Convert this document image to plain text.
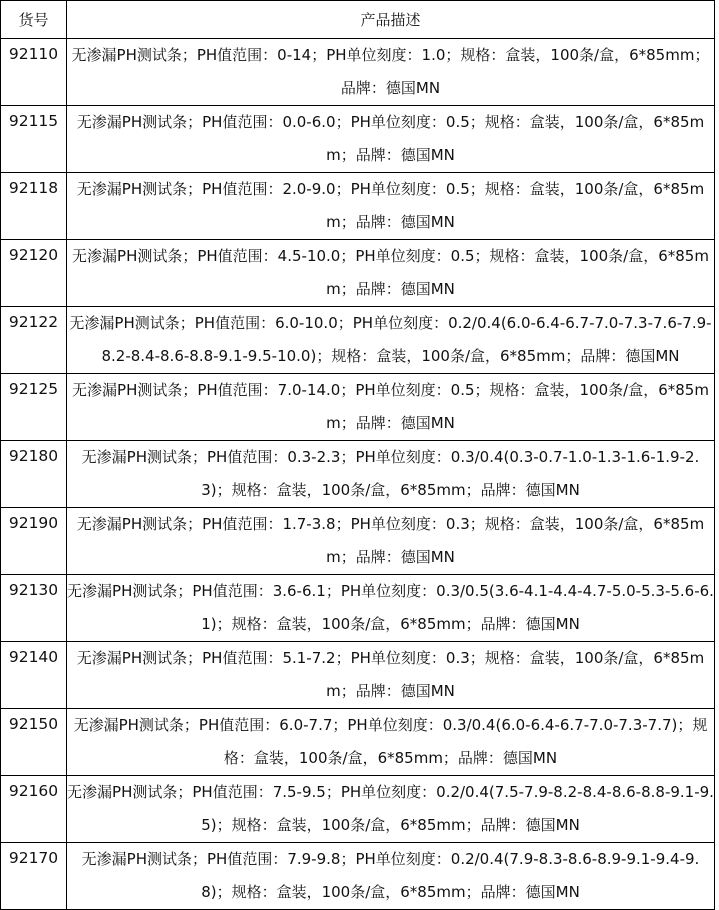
货号	产品描述
92110	无渗漏PH测试条；PH值范围：0-14；PH单位刻度：1.0；规格：盒装，100条/盒，6*85mm；品牌：德国MN
92115	无渗漏PH测试条；PH值范围：0.0-6.0；PH单位刻度：0.5；规格：盒装，100条/盒，6*85mm；品牌：德国MN
92118	无渗漏PH测试条；PH值范围：2.0-9.0；PH单位刻度：0.5；规格：盒装，100条/盒，6*85mm；品牌：德国MN
92120	无渗漏PH测试条；PH值范围：4.5-10.0；PH单位刻度：0.5；规格：盒装，100条/盒，6*85mm；品牌：德国MN
92122	无渗漏PH测试条；PH值范围：6.0-10.0；PH单位刻度：0.2/0.4(6.0-6.4-6.7-7.0-7.3-7.6-7.9-8.2-8.4-8.6-8.8-9.1-9.5-10.0)；规格：盒装，100条/盒，6*85mm；品牌：德国MN
92125	无渗漏PH测试条；PH值范围：7.0-14.0；PH单位刻度：0.5；规格：盒装，100条/盒，6*85mm；品牌：德国MN
92180	无渗漏PH测试条；PH值范围：0.3-2.3；PH单位刻度：0.3/0.4(0.3-0.7-1.0-1.3-1.6-1.9-2.3)；规格：盒装，100条/盒，6*85mm；品牌：德国MN
92190	无渗漏PH测试条；PH值范围：1.7-3.8；PH单位刻度：0.3；规格：盒装，100条/盒，6*85mm；品牌：德国MN
92130	无渗漏PH测试条；PH值范围：3.6-6.1；PH单位刻度：0.3/0.5(3.6-4.1-4.4-4.7-5.0-5.3-5.6-6.1)；规格：盒装，100条/盒，6*85mm；品牌：德国MN
92140	无渗漏PH测试条；PH值范围：5.1-7.2；PH单位刻度：0.3；规格：盒装，100条/盒，6*85mm；品牌：德国MN
92150	无渗漏PH测试条；PH值范围：6.0-7.7；PH单位刻度：0.3/0.4(6.0-6.4-6.7-7.0-7.3-7.7)；规格：盒装，100条/盒，6*85mm；品牌：德国MN
92160	无渗漏PH测试条；PH值范围：7.5-9.5；PH单位刻度：0.2/0.4(7.5-7.9-8.2-8.4-8.6-8.8-9.1-9.5)；规格：盒装，100条/盒，6*85mm；品牌：德国MN
92170	无渗漏PH测试条；PH值范围：7.9-9.8；PH单位刻度：0.2/0.4(7.9-8.3-8.6-8.9-9.1-9.4-9.8)；规格：盒装，100条/盒，6*85mm；品牌：德国MN
